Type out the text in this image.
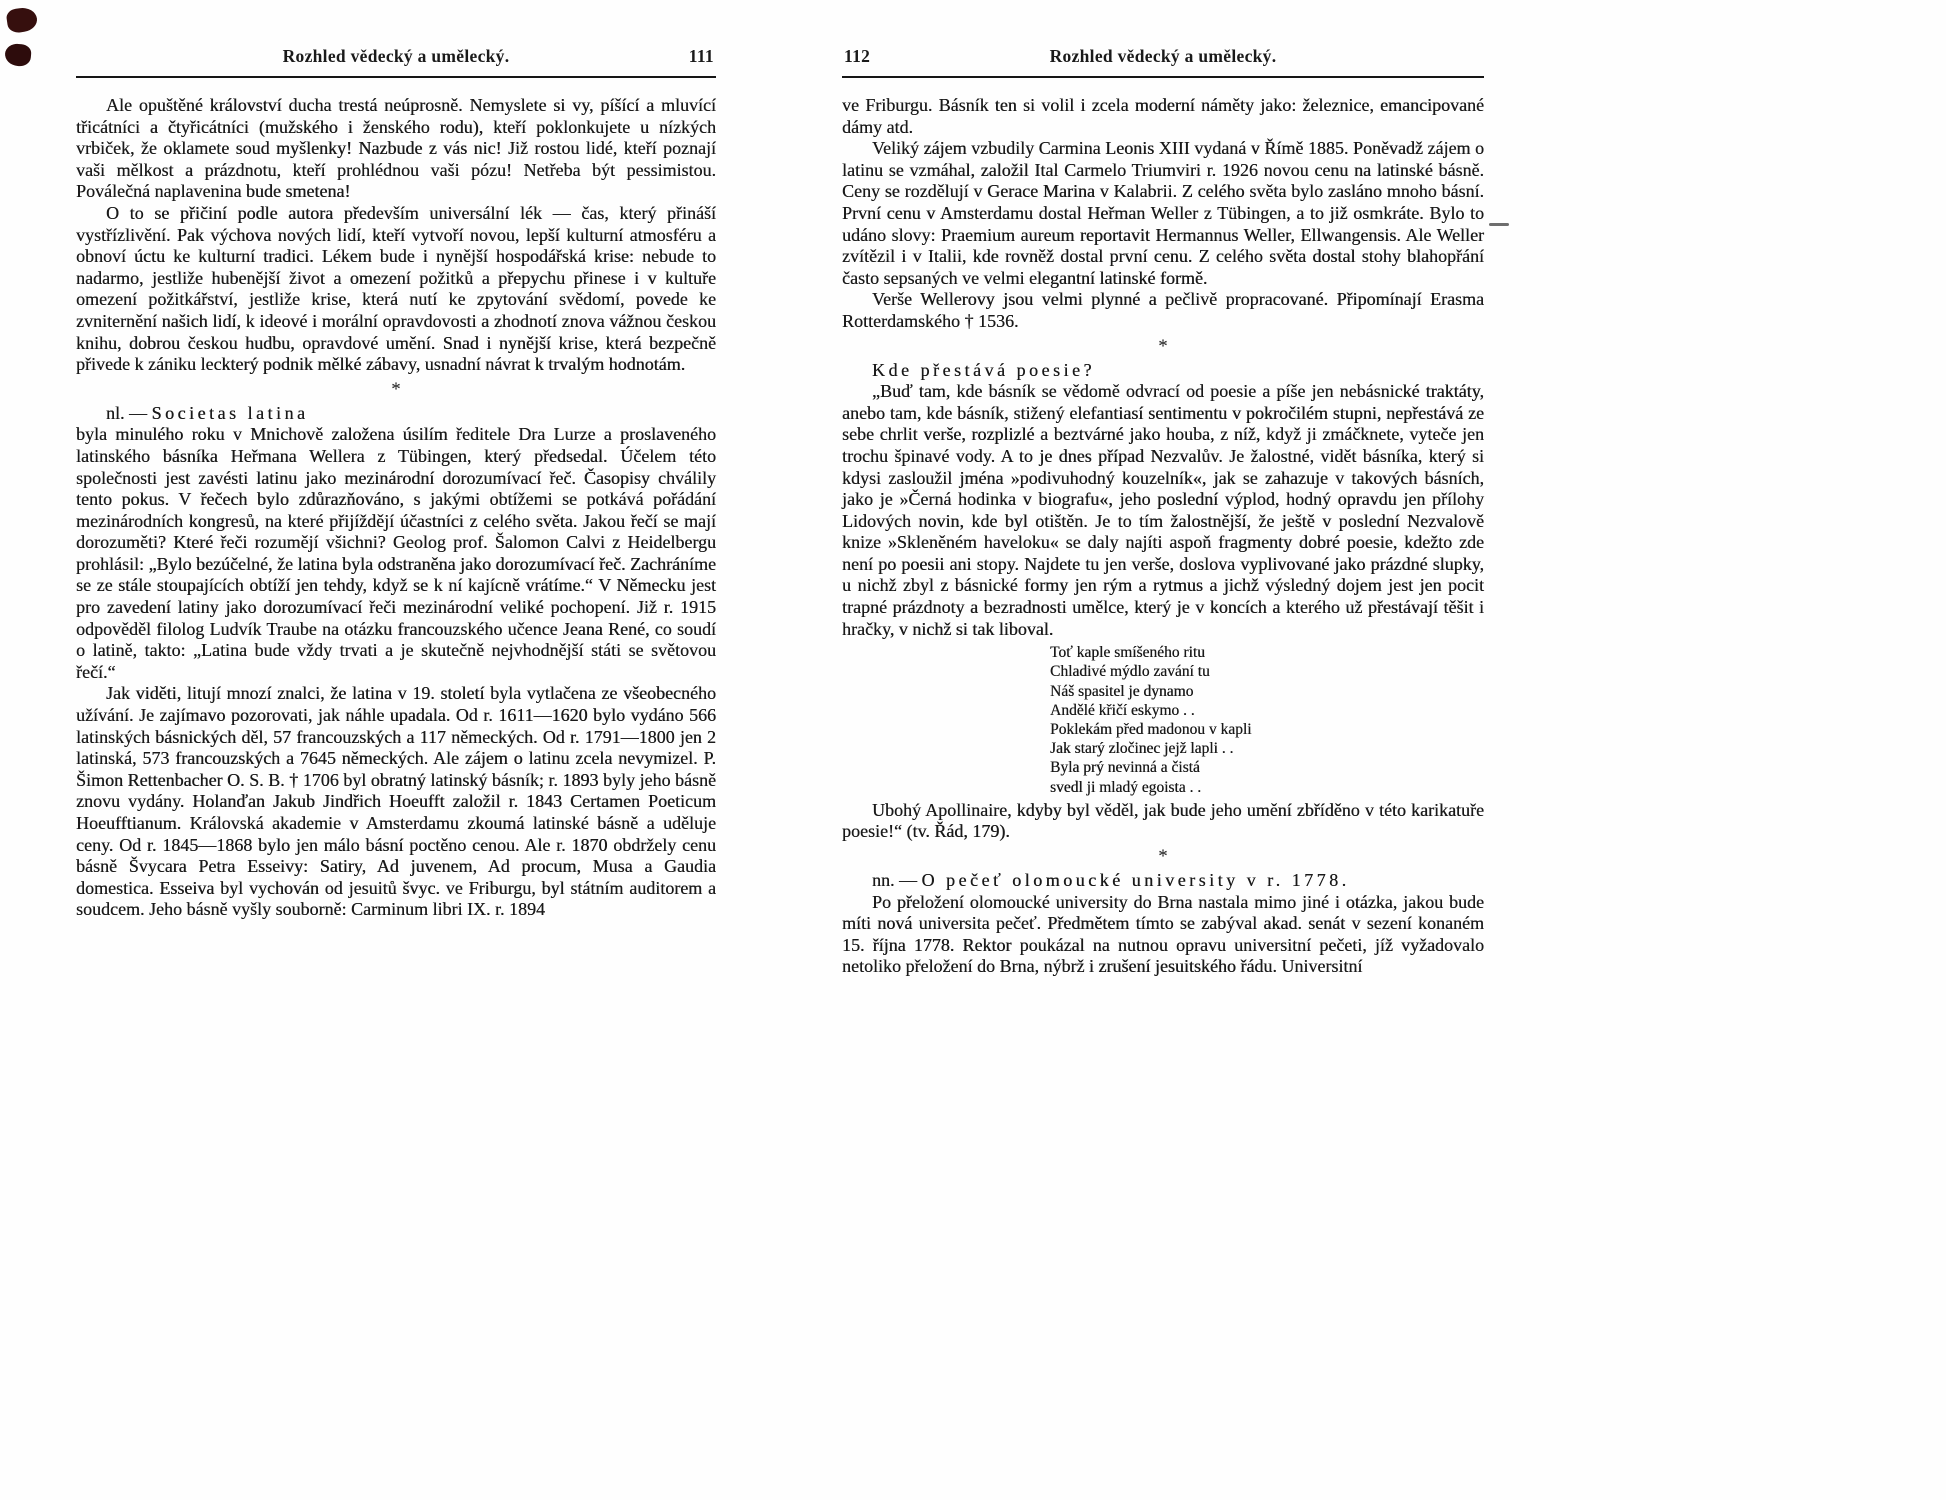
Rozhled vědecký a umělecký.	111

Ale opuštěné království ducha trestá neúprosně. Nemyslete si vy, píšící a mluvící třicátníci a čtyřicátníci (mužského i ženského rodu), kteří poklonkujete u nízkých vrbiček, že oklamete soud myšlenky! Nazbude z vás nic! Již rostou lidé, kteří poznají vaši mělkost a prázdnotu, kteří prohlédnou vaši pózu! Netřeba být pessimistou. Poválečná naplavenina bude smetena!

O to se přičiní podle autora především universální lék — čas, který přináší vystřízlivění. Pak výchova nových lidí, kteří vytvoří novou, lepší kulturní atmosféru a obnoví úctu ke kulturní tradici. Lékem bude i nynější hospodářská krise: nebude to nadarmo, jestliže hubenější život a omezení požitků a přepychu přinese i v kultuře omezení požitkářství, jestliže krise, která nutí ke zpytování svědomí, povede ke zvniternění našich lidí, k ideové i morální opravdovosti a zhodnotí znova vážnou českou knihu, dobrou českou hudbu, opravdové umění. Snad i nynější krise, která bezpečně přivede k zániku leckterý podnik mělké zábavy, usnadní návrat k trvalým hodnotám.

*

nl. — Societas latina

byla minulého roku v Mnichově založena úsilím ředitele Dra Lurze a proslaveného latinského básníka Heřmana Wellera z Tübingen, který předsedal. Účelem této společnosti jest zavésti latinu jako mezinárodní dorozumívací řeč. Časopisy chválily tento pokus. V řečech bylo zdůrazňováno, s jakými obtížemi se potkává pořádání mezinárodních kongresů, na které přijíždějí účastníci z celého světa. Jakou řečí se mají dorozuměti? Které řeči rozumějí všichni? Geolog prof. Šalomon Calvi z Heidelbergu prohlásil: „Bylo bezúčelné, že latina byla odstraněna jako dorozumívací řeč. Zachráníme se ze stále stoupajících obtíží jen tehdy, když se k ní kajícně vrátíme.“ V Německu jest pro zavedení latiny jako dorozumívací řeči mezinárodní veliké pochopení. Již r. 1915 odpověděl filolog Ludvík Traube na otázku francouzského učence Jeana René, co soudí o latině, takto: „Latina bude vždy trvati a je skutečně nejvhodnější státi se světovou řečí.“

Jak viděti, litují mnozí znalci, že latina v 19. století byla vytlačena ze všeobecného užívání. Je zajímavo pozorovati, jak náhle upadala. Od r. 1611—1620 bylo vydáno 566 latinských básnických děl, 57 francouzských a 117 německých. Od r. 1791—1800 jen 2 latinská, 573 francouzských a 7645 německých. Ale zájem o latinu zcela nevymizel. P. Šimon Rettenbacher O. S. B. † 1706 byl obratný latinský básník; r. 1893 byly jeho básně znovu vydány. Holanďan Jakub Jindřich Hoeufft založil r. 1843 Certamen Poeticum Hoeufftianum. Královská akademie v Amsterdamu zkoumá latinské básně a uděluje ceny. Od r. 1845—1868 bylo jen málo básní poctěno cenou. Ale r. 1870 obdržely cenu básně Švycara Petra Esseivy: Satiry, Ad juvenem, Ad procum, Musa a Gaudia domestica. Esseiva byl vychován od jesuitů švyc. ve Friburgu, byl státním auditorem a soudcem. Jeho básně vyšly souborně: Carminum libri IX. r. 1894

112	Rozhled vědecký a umělecký.

ve Friburgu. Básník ten si volil i zcela moderní náměty jako: železnice, emancipované dámy atd.

Veliký zájem vzbudily Carmina Leonis XIII vydaná v Římě 1885. Poněvadž zájem o latinu se vzmáhal, založil Ital Carmelo Triumviri r. 1926 novou cenu na latinské básně. Ceny se rozdělují v Gerace Marina v Kalabrii. Z celého světa bylo zasláno mnoho básní. První cenu v Amsterdamu dostal Heřman Weller z Tübingen, a to již osmkráte. Bylo to udáno slovy: Praemium aureum reportavit Hermannus Weller, Ellwangensis. Ale Weller zvítězil i v Italii, kde rovněž dostal první cenu. Z celého světa dostal stohy blahopřání často sepsaných ve velmi elegantní latinské formě.

Verše Wellerovy jsou velmi plynné a pečlivě propracované. Připomínají Erasma Rotterdamského † 1536.

*

Kde přestává poesie?

„Buď tam, kde básník se vědomě odvrací od poesie a píše jen nebásnické traktáty, anebo tam, kde básník, stižený elefantiasí sentimentu v pokročilém stupni, nepřestává ze sebe chrlit verše, rozplizlé a beztvárné jako houba, z níž, když ji zmáčknete, vyteče jen trochu špinavé vody. A to je dnes případ Nezvalův. Je žalostné, vidět básníka, který si kdysi zasloužil jména »podivuhodný kouzelník«, jak se zahazuje v takových básních, jako je »Černá hodinka v biografu«, jeho poslední výplod, hodný opravdu jen přílohy Lidových novin, kde byl otištěn. Je to tím žalostnější, že ještě v poslední Nezvalově knize »Skleněném haveloku« se daly najíti aspoň fragmenty dobré poesie, kdežto zde není po poesii ani stopy. Najdete tu jen verše, doslova vyplivované jako prázdné slupky, u nichž zbyl z básnické formy jen rým a rytmus a jichž výsledný dojem jest jen pocit trapné prázdnoty a bezradnosti umělce, který je v koncích a kterého už přestávají těšit i hračky, v nichž si tak liboval.

Toť kaple smíšeného ritu
Chladivé mýdlo zavání tu
Náš spasitel je dynamo
Andělé křičí eskymo . .
Poklekám před madonou v kapli
Jak starý zločinec jejž lapli . .
Byla prý nevinná a čistá
svedl ji mladý egoista . .

Ubohý Apollinaire, kdyby byl věděl, jak bude jeho umění zbříděno v této karikatuře poesie!“ (tv. Řád, 179).

*

nn. — O pečeť olomoucké university v r. 1778.

Po přeložení olomoucké university do Brna nastala mimo jiné i otázka, jakou bude míti nová universita pečeť. Předmětem tímto se zabýval akad. senát v sezení konaném 15. října 1778. Rektor poukázal na nutnou opravu universitní pečeti, jíž vyžadovalo netoliko přeložení do Brna, nýbrž i zrušení jesuitského řádu. Universitní
